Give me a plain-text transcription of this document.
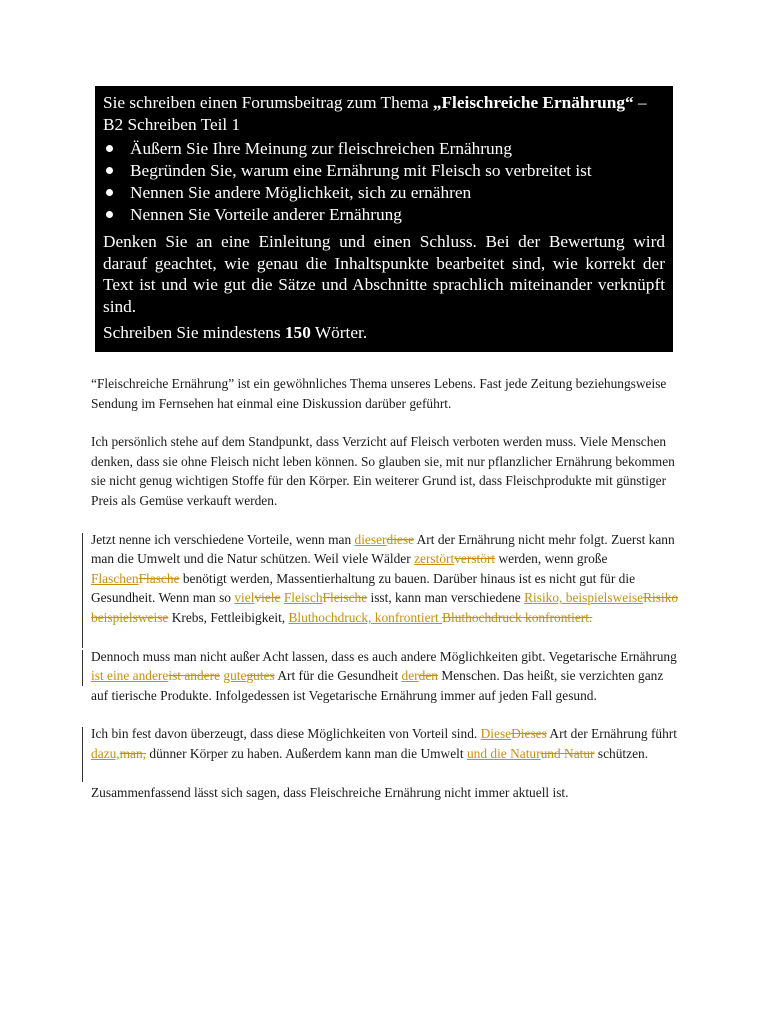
Sie schreiben einen Forumsbeitrag zum Thema „Fleischreiche Ernährung“ –
B2 Schreiben Teil 1

Äußern Sie Ihre Meinung zur fleischreichen Ernährung
Begründen Sie, warum eine Ernährung mit Fleisch so verbreitet ist
Nennen Sie andere Möglichkeit, sich zu ernähren
Nennen Sie Vorteile anderer Ernährung

Denken Sie an eine Einleitung und einen Schluss. Bei der Bewertung wird darauf geachtet, wie genau die Inhaltspunkte bearbeitet sind, wie korrekt der Text ist und wie gut die Sätze und Abschnitte sprachlich miteinander verknüpft sind.

Schreiben Sie mindestens 150 Wörter.

“Fleischreiche Ernährung” ist ein gewöhnliches Thema unseres Lebens. Fast jede Zeitung beziehungsweise Sendung im Fernsehen hat einmal eine Diskussion darüber geführt.

Ich persönlich stehe auf dem Standpunkt, dass Verzicht auf Fleisch verboten werden muss. Viele Menschen denken, dass sie ohne Fleisch nicht leben können. So glauben sie, mit nur pflanzlicher Ernährung bekommen sie nicht genug wichtigen Stoffe für den Körper. Ein weiterer Grund ist, dass Fleischprodukte mit günstiger Preis als Gemüse verkauft werden.

Jetzt nenne ich verschiedene Vorteile, wenn man dieserdiese Art der Ernährung nicht mehr folgt. Zuerst kann man die Umwelt und die Natur schützen. Weil viele Wälder zerstörtverstört werden, wenn große FlaschenFlasche benötigt werden, Massentierhaltung zu bauen. Darüber hinaus ist es nicht gut für die Gesundheit. Wenn man so vielviele FleischFleische isst, kann man verschiedene Risiko, beispielsweiseRisiko beispielsweise Krebs, Fettleibigkeit, Bluthochdruck, konfrontiert Bluthochdruck konfrontiert.

Dennoch muss man nicht außer Acht lassen, dass es auch andere Möglichkeiten gibt. Vegetarische Ernährung ist eine andereist andere gutegutes Art für die Gesundheit derden Menschen. Das heißt, sie verzichten ganz auf tierische Produkte. Infolgedessen ist Vegetarische Ernährung immer auf jeden Fall gesund.

Ich bin fest davon überzeugt, dass diese Möglichkeiten von Vorteil sind. DieseDieses Art der Ernährung führt dazu,man, dünner Körper zu haben. Außerdem kann man die Umwelt und die Naturund Natur schützen.

Zusammenfassend lässt sich sagen, dass Fleischreiche Ernährung nicht immer aktuell ist.
